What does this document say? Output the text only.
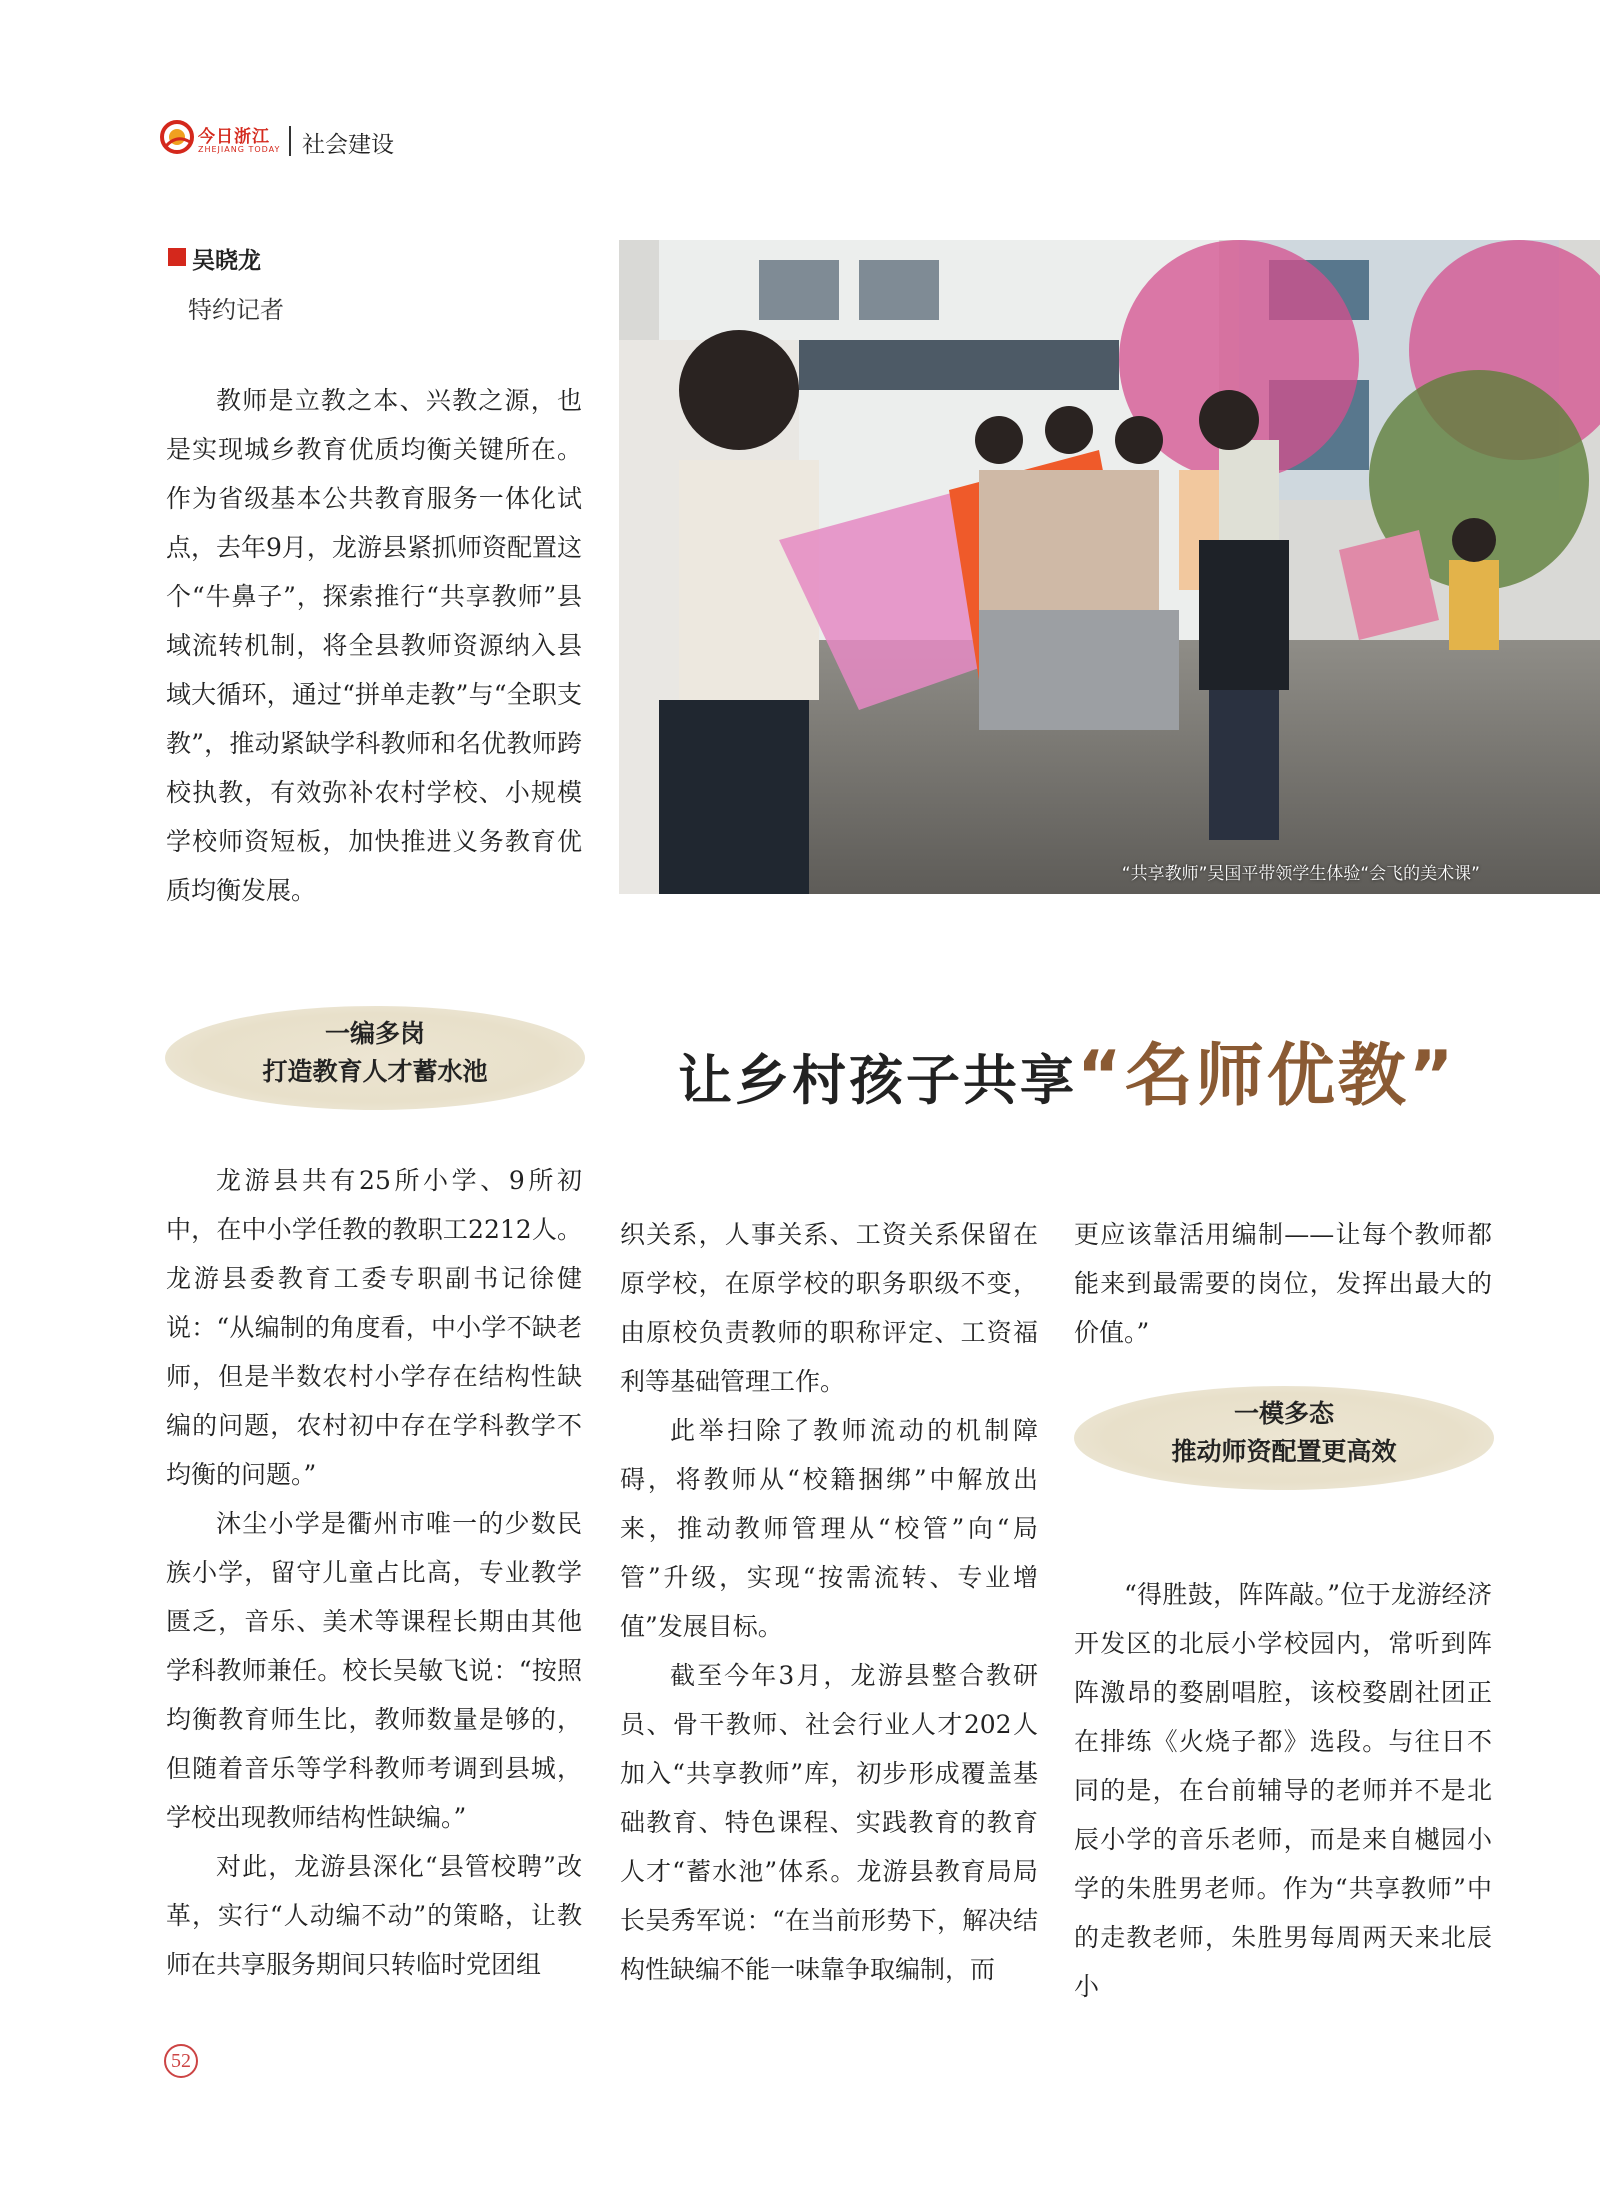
今日浙江
ZHEJIANG TODAY 社会建设
吴晓龙
特约记者

教师是立教之本、兴教之源，也是实现城乡教育优质均衡关键所在。作为省级基本公共教育服务一体化试点，去年9月，龙游县紧抓师资配置这个“牛鼻子”，探索推行“共享教师”县域流转机制，将全县教师资源纳入县域大循环，通过“拼单走教”与“全职支教”，推动紧缺学科教师和名优教师跨校执教，有效弥补农村学校、小规模学校师资短板，加快推进义务教育优质均衡发展。

“共享教师”吴国平带领学生体验“会飞的美术课”
一编多岗
打造教育人才蓄水池	让乡村孩子共享“名师优教”

龙游县共有25所小学、9所初中，在中小学任教的教职工2212人。龙游县委教育工委专职副书记徐健说：“从编制的角度看，中小学不缺老师，但是半数农村小学存在结构性缺编的问题，农村初中存在学科教学不均衡的问题。”

沐尘小学是衢州市唯一的少数民族小学，留守儿童占比高，专业教学匮乏，音乐、美术等课程长期由其他学科教师兼任。校长吴敏飞说：“按照均衡教育师生比，教师数量是够的，但随着音乐等学科教师考调到县城，学校出现教师结构性缺编。”

对此，龙游县深化“县管校聘”改革，实行“人动编不动”的策略，让教师在共享服务期间只转临时党团组

织关系，人事关系、工资关系保留在原学校，在原学校的职务职级不变，由原校负责教师的职称评定、工资福利等基础管理工作。

此举扫除了教师流动的机制障碍，将教师从“校籍捆绑”中解放出来，推动教师管理从“校管”向“局管”升级，实现“按需流转、专业增值”发展目标。

截至今年3月，龙游县整合教研员、骨干教师、社会行业人才202人加入“共享教师”库，初步形成覆盖基础教育、特色课程、实践教育的教育人才“蓄水池”体系。龙游县教育局局长吴秀军说：“在当前形势下，解决结构性缺编不能一味靠争取编制，而

更应该靠活用编制——让每个教师都能来到最需要的岗位，发挥出最大的价值。”

一模多态
推动师资配置更高效

“得胜鼓，阵阵敲。”位于龙游经济开发区的北辰小学校园内，常听到阵阵激昂的婺剧唱腔，该校婺剧社团正在排练《火烧子都》选段。与往日不同的是，在台前辅导的老师并不是北辰小学的音乐老师，而是来自樾园小学的朱胜男老师。作为“共享教师”中的走教老师，朱胜男每周两天来北辰小

52
